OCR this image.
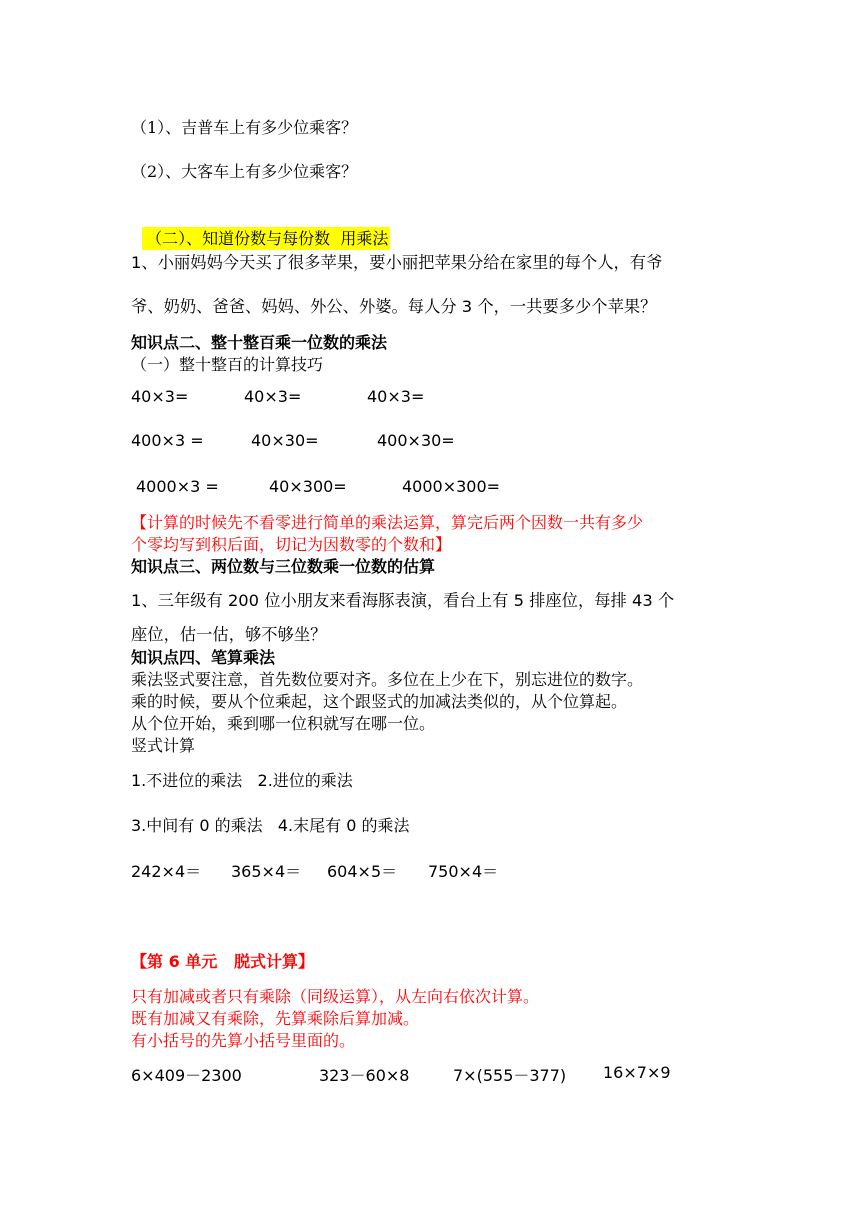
（1）、吉普车上有多少位乘客？
（2）、大客车上有多少位乘客？

（二）、知道份数与每份数  用乘法

1、小丽妈妈今天买了很多苹果，要小丽把苹果分给在家里的每个人，有爷
爷、奶奶、爸爸、妈妈、外公、外婆。每人分 3 个，一共要多少个苹果？
知识点二、整十整百乘一位数的乘法
（一）整十整百的计算技巧
40×3=	40×3=	40×3=
400×3 =	40×30=	400×30=
4000×3 =	40×300=	4000×300=
【计算的时候先不看零进行简单的乘法运算，算完后两个因数一共有多少
个零均写到积后面，切记为因数零的个数和】
知识点三、两位数与三位数乘一位数的估算
1、三年级有 200 位小朋友来看海豚表演，看台上有 5 排座位，每排 43 个
座位，估一估，够不够坐？
知识点四、笔算乘法
乘法竖式要注意，首先数位要对齐。多位在上少在下，别忘进位的数字。
乘的时候，要从个位乘起，这个跟竖式的加减法类似的，从个位算起。
从个位开始，乘到哪一位积就写在哪一位。
竖式计算
1.不进位的乘法   2.进位的乘法
3.中间有 0 的乘法   4.末尾有 0 的乘法
242×4＝ 365×4＝ 604×5＝ 750×4＝
【第 6 单元   脱式计算】
只有加减或者只有乘除（同级运算），从左向右依次计算。
既有加减又有乘除，先算乘除后算加减。
有小括号的先算小括号里面的。
6×409－2300	323－60×8	7×(555－377) 16×7×9
